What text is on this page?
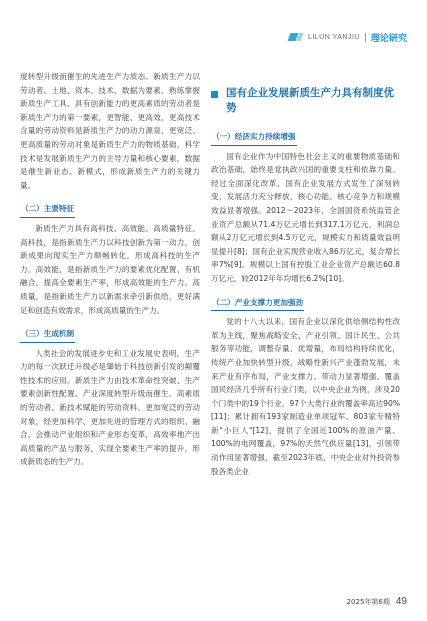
LILUN YANJIU 理论研究

度转型升级而催生的先进生产力质态。新质生产力以劳动者、土地、资本、技术、数据为要素。熟练掌握新质生产工具、具有创新能力的更高素质的劳动者是新质生产力的第一要素，更智能、更高效、更高技术含量的劳动资料是新质生产力的动力源泉，更宽泛、更高质量的劳动对象是新质生产力的物质基础，科学技术是发展新质生产力的主导力量和核心要素，数据是催生新业态、新模式，形成新质生产力的关键力量。

（二）主要特征

新质生产力具有高科技、高效能、高质量特征。高科技，是指新质生产力以科技创新为第一动力，创新成果向现实生产力顺畅转化，形成高科技的生产力。高效能，是指新质生产力的要素优化配置、有机融合，提高全要素生产率，形成高效能的生产力。高质量，是指新质生产力以新需求牵引新供给，更好满足和创造有效需求，形成高质量的生产力。

（三）生成机制

人类社会的发展进步史和工业发展史表明，生产力的每一次跃迁升级必是肇始于科技创新引发的颠覆性技术的应用。新质生产力由技术革命性突破、生产要素创新性配置、产业深度转型升级而催生。高素质的劳动者、新技术赋能的劳动资料、更加宽泛的劳动对象，经更加科学、更加先进的管理方式的组织、融合，会推动产业组织和产业形态变革，高效率地产出高质量的产品与服务，实现全要素生产率的提升，形成新质态的生产力。

国有企业发展新质生产力具有制度优势
（一）经济实力持续增强

国有企业作为中国特色社会主义的重要物质基础和政治基础，始终是党执政兴国的重要支柱和依靠力量。经过全面深化改革，国有企业发展方式发生了深刻转变，发展活力充分释放，核心功能、核心竞争力和规模效益显著增强。2012～2023年，全国国资系统监管企业资产总额从71.4万亿元增长到317.1万亿元，利润总额从2万亿元增长到4.5万亿元，规模实力和质量效益明显提升[8]；国有企业实现营业收入86万亿元，复合增长率7%[9]。规模以上国有控股工业企业资产总额达60.8万亿元，较2012年年均增长6.2%[10]。

（二）产业支撑力更加强劲

党的十八大以来，国有企业以深化供给侧结构性改革为主线，聚焦战略安全、产业引领、国计民生、公共服务等功能，调整存量、优增量，布局结构持续优化，传统产业加快转型升级，战略性新兴产业蓬勃发展，未来产业有序布局，产业支撑力、带动力显著增强。覆盖国民经济几乎所有行业门类，以中央企业为例，涉及20个门类中的19个行业，97个大类行业的覆盖率高达90%[11]；累计拥有193家制造业单项冠军、803家专精特新"小巨人"[12]，提供了全国近100%的原油产量、100%的电网覆盖，97%的天然气供应量[13]，引领带动作用显著增强，截至2023年底，中央企业对外投资参股各类企业

2025年第6期 49
